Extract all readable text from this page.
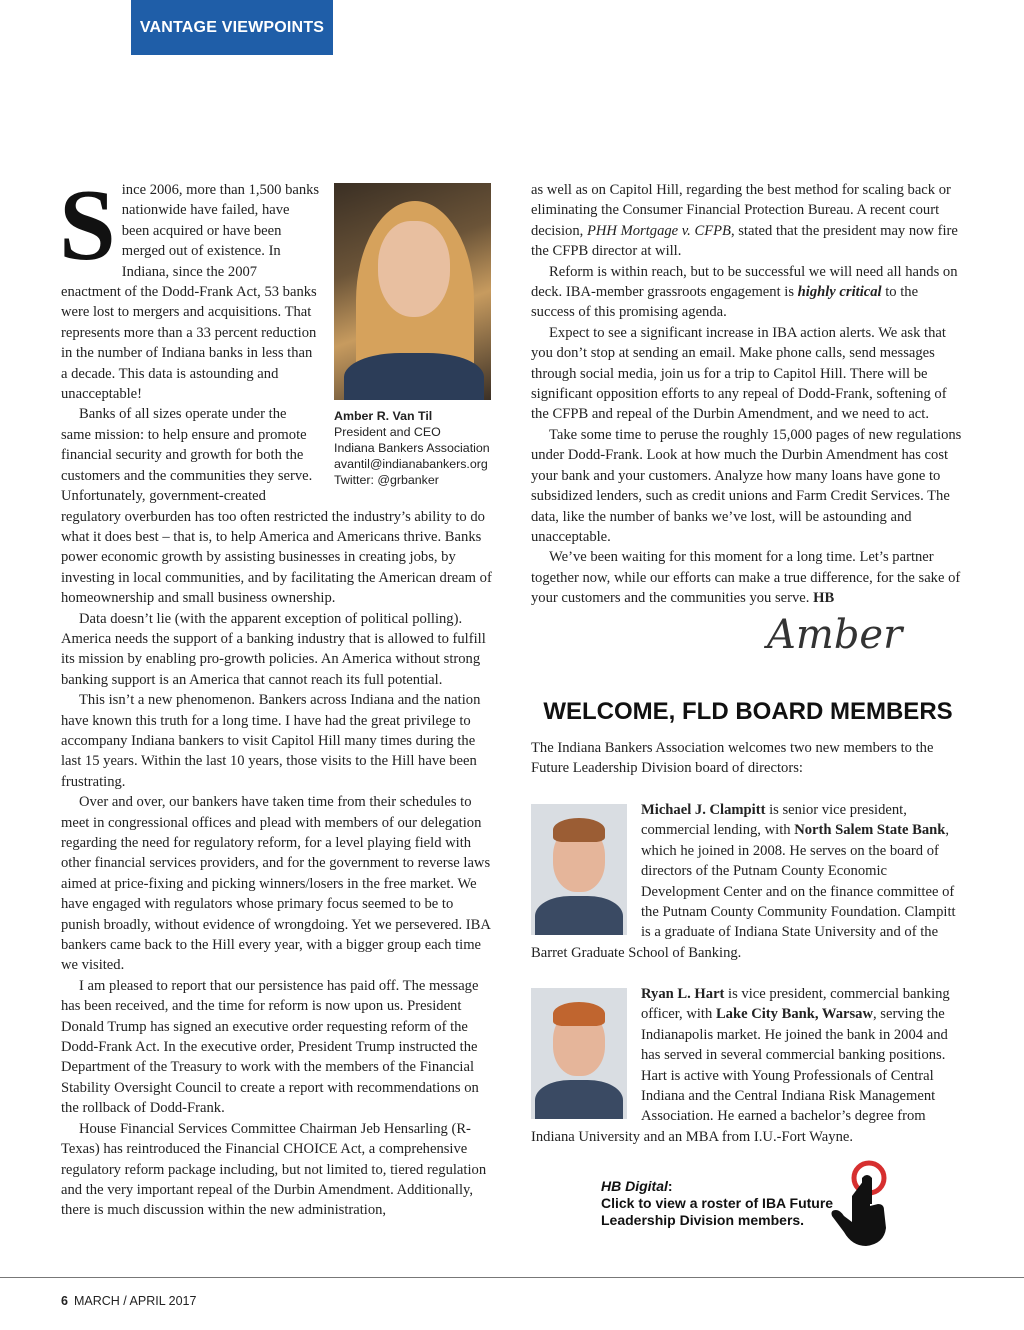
VANTAGE VIEWPOINTS
Amber R. Van Til
President and CEO
Indiana Bankers Association
avantil@indianabankers.org
Twitter: @grbanker

Since 2006, more than 1,500 banks nationwide have failed, have been acquired or have been merged out of existence. In Indiana, since the 2007 enactment of the Dodd-Frank Act, 53 banks were lost to mergers and acquisitions. That represents more than a 33 percent reduction in the number of Indiana banks in less than a decade. This data is astounding and unacceptable!

Banks of all sizes operate under the same mission: to help ensure and promote financial security and growth for both the customers and the communities they serve. Unfortunately, government-created regulatory overburden has too often restricted the industry’s ability to do what it does best – that is, to help America and Americans thrive. Banks power economic growth by assisting businesses in creating jobs, by investing in local communities, and by facilitating the American dream of homeownership and small business ownership.

Data doesn’t lie (with the apparent exception of political polling). America needs the support of a banking industry that is allowed to fulfill its mission by enabling pro-growth policies. An America without strong banking support is an America that cannot reach its full potential.

This isn’t a new phenomenon. Bankers across Indiana and the nation have known this truth for a long time. I have had the great privilege to accompany Indiana bankers to visit Capitol Hill many times during the last 15 years. Within the last 10 years, those visits to the Hill have been frustrating.

Over and over, our bankers have taken time from their schedules to meet in congressional offices and plead with members of our delegation regarding the need for regulatory reform, for a level playing field with other financial services providers, and for the government to reverse laws aimed at price-fixing and picking winners/losers in the free market. We have engaged with regulators whose primary focus seemed to be to punish broadly, without evidence of wrongdoing. Yet we persevered. IBA bankers came back to the Hill every year, with a bigger group each time we visited.

I am pleased to report that our persistence has paid off. The message has been received, and the time for reform is now upon us. President Donald Trump has signed an executive order requesting reform of the Dodd-Frank Act. In the executive order, President Trump instructed the Department of the Treasury to work with the members of the Financial Stability Oversight Council to create a report with recommendations on the rollback of Dodd-Frank.

House Financial Services Committee Chairman Jeb Hensarling (R-Texas) has reintroduced the Financial CHOICE Act, a comprehensive regulatory reform package including, but not limited to, tiered regulation and the very important repeal of the Durbin Amendment. Additionally, there is much discussion within the new administration,

as well as on Capitol Hill, regarding the best method for scaling back or eliminating the Consumer Financial Protection Bureau. A recent court decision, PHH Mortgage v. CFPB, stated that the president may now fire the CFPB director at will.

Reform is within reach, but to be successful we will need all hands on deck. IBA-member grassroots engagement is highly critical to the success of this promising agenda.

Expect to see a significant increase in IBA action alerts. We ask that you don’t stop at sending an email. Make phone calls, send messages through social media, join us for a trip to Capitol Hill. There will be significant opposition efforts to any repeal of Dodd-Frank, softening of the CFPB and repeal of the Durbin Amendment, and we need to act.

Take some time to peruse the roughly 15,000 pages of new regulations under Dodd-Frank. Look at how much the Durbin Amendment has cost your bank and your customers. Analyze how many loans have gone to subsidized lenders, such as credit unions and Farm Credit Services. The data, like the number of banks we’ve lost, will be astounding and unacceptable.

We’ve been waiting for this moment for a long time. Let’s partner together now, while our efforts can make a true difference, for the sake of your customers and the communities you serve. HB

Amber
WELCOME, FLD BOARD MEMBERS
The Indiana Bankers Association welcomes two new members to the Future Leadership Division board of directors:
Michael J. Clampitt is senior vice president, commercial lending, with North Salem State Bank, which he joined in 2008. He serves on the board of directors of the Putnam County Economic Development Center and on the finance committee of the Putnam County Community Foundation. Clampitt is a graduate of Indiana State University and of the Barret Graduate School of Banking.
Ryan L. Hart is vice president, commercial banking officer, with Lake City Bank, Warsaw, serving the Indianapolis market. He joined the bank in 2004 and has served in several commercial banking positions. Hart is active with Young Professionals of Central Indiana and the Central Indiana Risk Management Association. He earned a bachelor’s degree from Indiana University and an MBA from I.U.-Fort Wayne.
HB Digital:
Click to view a roster of IBA Future
Leadership Division members.
6 MARCH / APRIL 2017
